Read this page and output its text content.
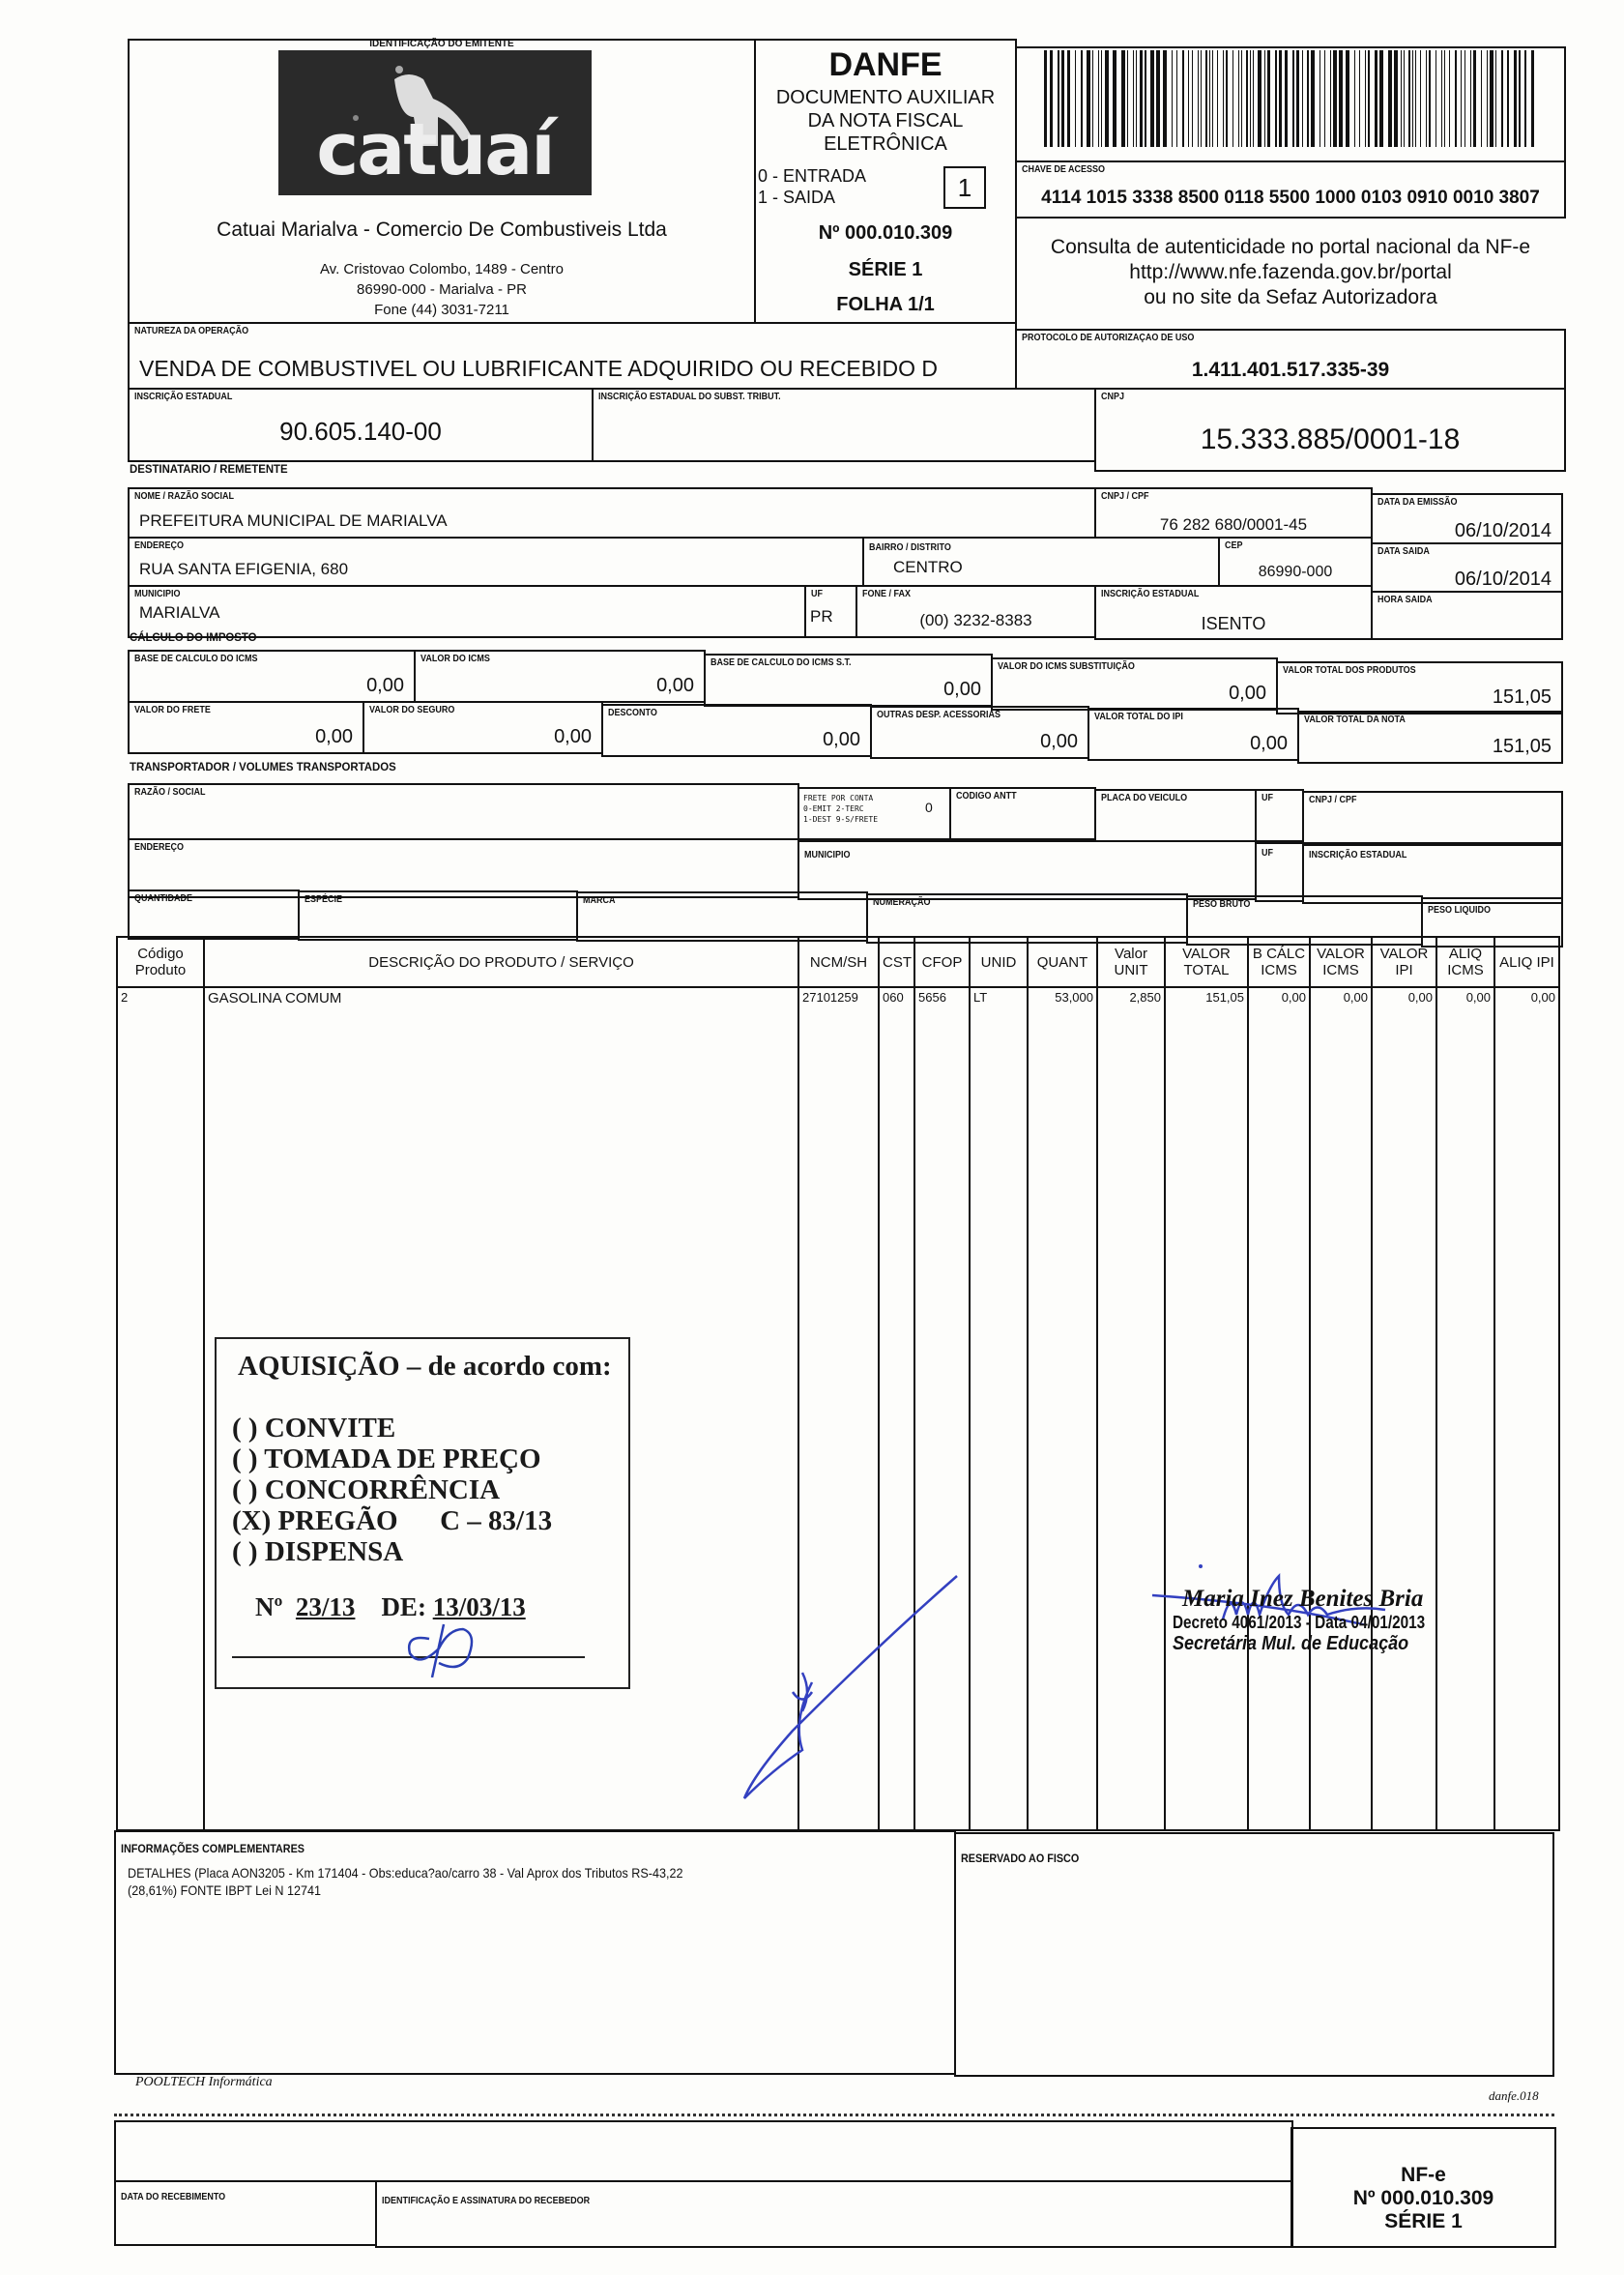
IDENTIFICAÇÃO DO EMITENTE
catuaí
Catuai Marialva - Comercio De Combustiveis Ltda
Av. Cristovao Colombo, 1489 - Centro
86990-000 - Marialva - PR
Fone (44) 3031-7211
DANFE
DOCUMENTO AUXILIAR
DA NOTA FISCAL
ELETRÔNICA
0 - ENTRADA
1 - SAIDA	1
Nº 000.010.309
SÉRIE 1
FOLHA 1/1
CHAVE DE ACESSO
4114 1015 3338 8500 0118 5500 1000 0103 0910 0010 3807
Consulta de autenticidade no portal nacional da NF-e
http://www.nfe.fazenda.gov.br/portal
ou no site da Sefaz Autorizadora
NATUREZA DA OPERAÇÃO
VENDA DE COMBUSTIVEL OU LUBRIFICANTE ADQUIRIDO OU RECEBIDO D
PROTOCOLO DE AUTORIZAÇAO DE USO
1.411.401.517.335-39
INSCRIÇÃO ESTADUAL
90.605.140-00
INSCRIÇÃO ESTADUAL DO SUBST. TRIBUT.	CNPJ
15.333.885/0001-18
DESTINATARIO / REMETENTE
NOME / RAZÃO SOCIAL
PREFEITURA MUNICIPAL DE MARIALVA
CNPJ / CPF
76 282 680/0001-45
DATA DA EMISSÃO
06/10/2014
ENDEREÇO
RUA SANTA EFIGENIA, 680
BAIRRO / DISTRITO
CENTRO
CEP
86990-000
DATA SAIDA
06/10/2014
MUNICIPIO
MARIALVA
UF
PR
FONE / FAX
(00) 3232-8383
INSCRIÇÃO ESTADUAL
ISENTO
HORA SAIDA
CÁLCULO DO IMPOSTO
BASE DE CALCULO DO ICMS
0,00
VALOR DO ICMS
0,00
BASE DE CALCULO DO ICMS S.T.
0,00
VALOR DO ICMS SUBSTITUIÇÃO
0,00
VALOR TOTAL DOS PRODUTOS
151,05
VALOR DO FRETE
0,00
VALOR DO SEGURO
0,00
DESCONTO
0,00
OUTRAS DESP. ACESSORIAS
0,00
VALOR TOTAL DO IPI
0,00
VALOR TOTAL DA NOTA
151,05
TRANSPORTADOR / VOLUMES TRANSPORTADOS
RAZÃO / SOCIAL
FRETE POR CONTA
0-EMIT 2-TERC
1-DEST 9-S/FRETE
0
CODIGO ANTT	PLACA DO VEICULO	UF	CNPJ / CPF
ENDEREÇO
MUNICIPIO	UF	INSCRIÇÃO ESTADUAL
QUANTIDADE	ESPÉCIE	MARCA	NUMERAÇÃO	PESO BRUTO
PESO LIQUIDO
Código Produto	DESCRIÇÃO DO PRODUTO / SERVIÇO	NCM/SH	CST	CFOP	UNID	QUANT	Valor UNIT	VALOR TOTAL	B CÁLC ICMS	VALOR ICMS	VALOR IPI	ALIQ ICMS	ALIQ IPI
2	GASOLINA COMUM	27101259	060	5656	LT	53,000	2,850	151,05	0,00	0,00	0,00	0,00	0,00

AQUISIÇÃO – de acordo com:
( ) CONVITE
( ) TOMADA DE PREÇO
( ) CONCORRÊNCIA
(X) PREGÃO      C – 83/13
( ) DISPENSA
Nº 23/13 DE: 13/03/13	Maria Inez Benites Bria
Decreto 4061/2013 - Data 04/01/2013
Secretária Mul. de Educação
INFORMAÇÕES COMPLEMENTARES
DETALHES (Placa AON3205 - Km 171404 - Obs:educa?ao/carro 38 - Val Aprox dos Tributos RS-43,22
(28,61%) FONTE IBPT Lei N 12741
RESERVADO AO FISCO
POOLTECH Informática
danfe.018
DATA DO RECEBIMENTO	IDENTIFICAÇÃO E ASSINATURA DO RECEBEDOR
NF-e
Nº 000.010.309
SÉRIE 1
